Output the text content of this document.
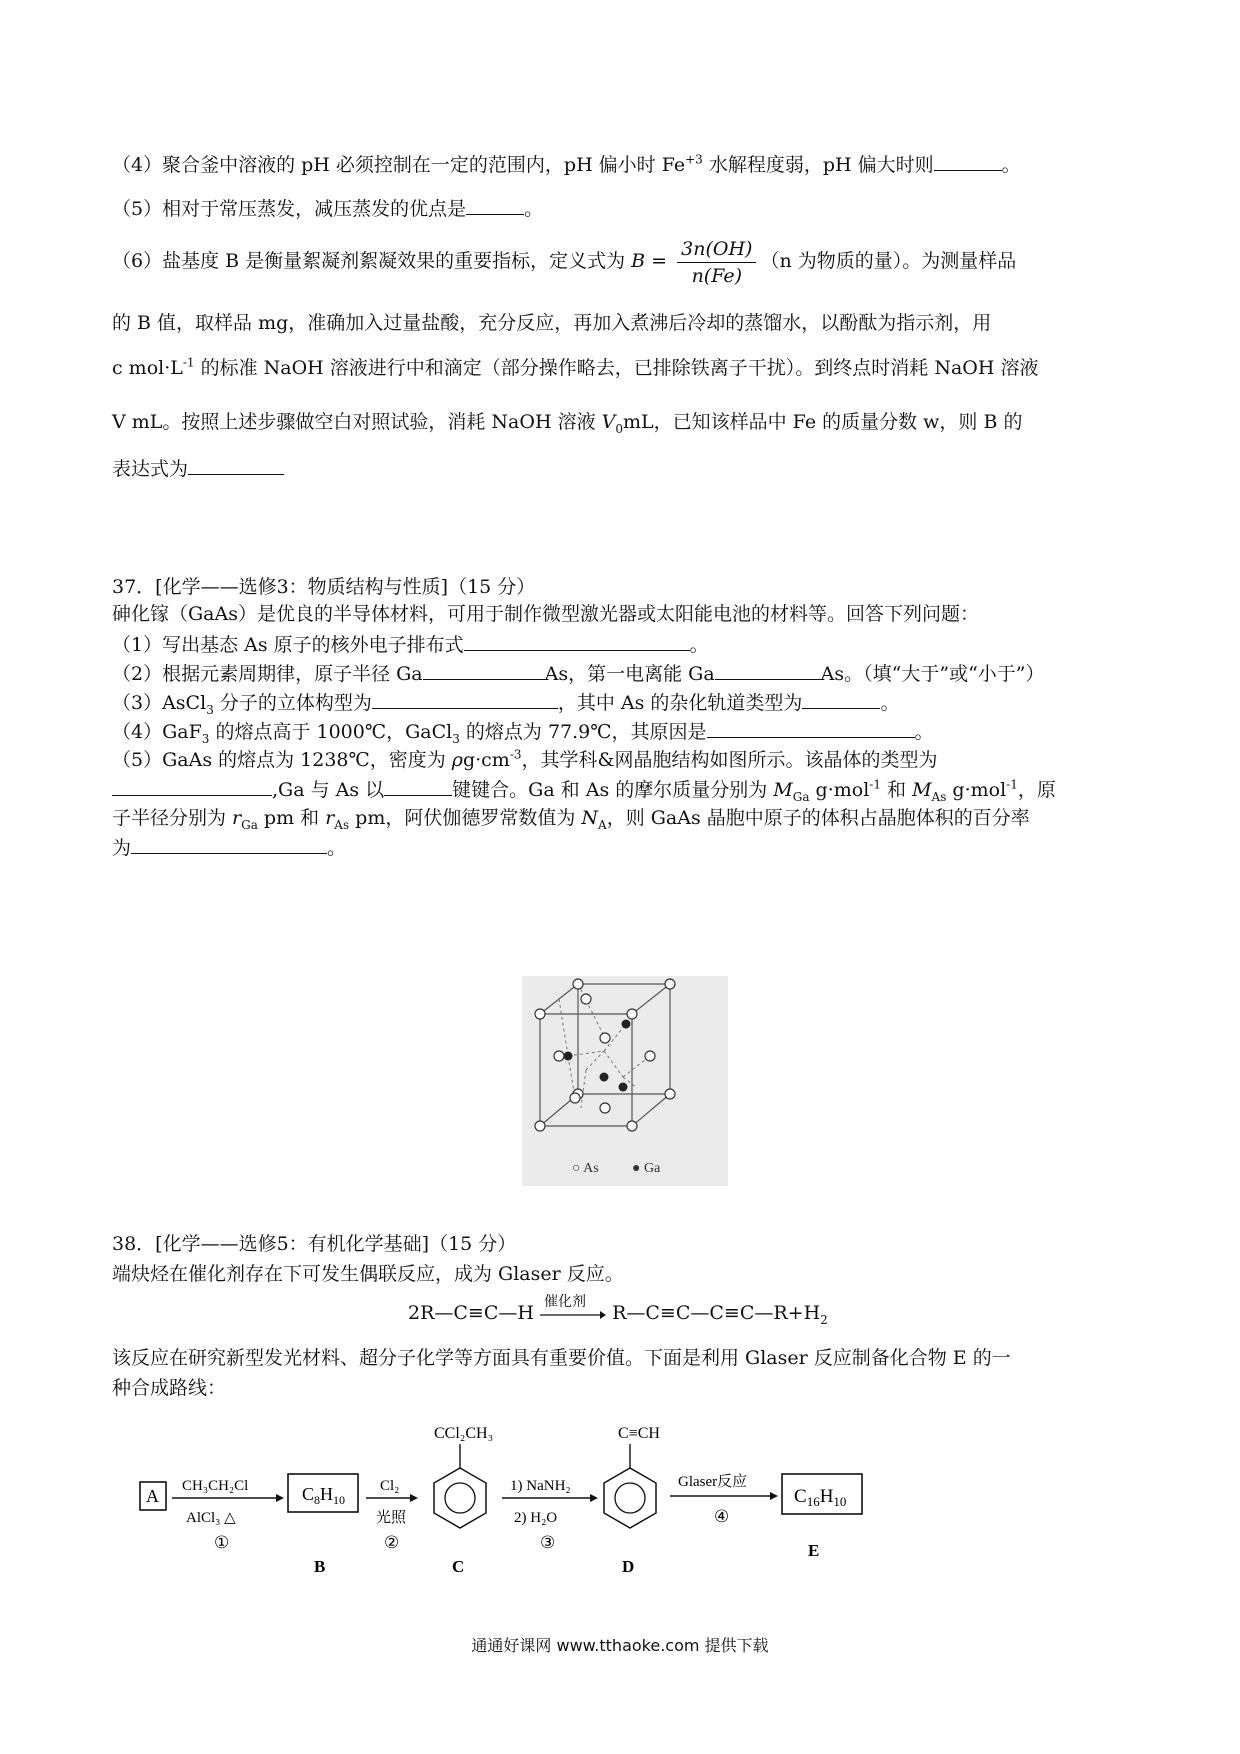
（4）聚合釜中溶液的 pH 必须控制在一定的范围内，pH 偏小时 $Fe^{+3}$ 水解程度弱，pH 偏大时则	。
（5）相对于常压蒸发，减压蒸发的优点是	。
（6）盐基度 B 是衡量絮凝剂絮凝效果的重要指标，定义式为 $B = \frac{3n(OH)}{n(Fe)} (n$ 为物质的量）。为测量样品
的 B 值，取样品 mg，准确加入过量盐酸，充分反应，再加入煮沸后冷却的蒸馏水，以酚酞为指示剂，用
c $mol\cdot L^{-1}$ 的标准 NaOH 溶液进行中和滴定（部分操作略去，已排除铁离子干扰）。到终点时消耗 NaOH 溶液
V mL。按照上述步骤做空白对照试验，消耗 NaOH 溶液 $V_0mL$，已知该样品中 Fe 的质量分数 w，则 B 的
表达式为
37．[化学——选修3：物质结构与性质]（15 分）
砷化镓（GaAs）是优良的半导体材料，可用于制作微型激光器或太阳能电池的材料等。回答下列问题：
（1）写出基态 As 原子的核外电子排布式	。
（2）根据元素周期律，原子半径 Ga	As，第一电离能 Ga	As。（填“大于”或“小于”）
（3）AsCl$_3$ 分子的立体构型为	，其中 As 的杂化轨道类型为	。
（4）GaF$_3$ 的熔点高于 1000℃，GaCl$_3$ 的熔点为 77.9℃，其原因是	。
（5）GaAs 的熔点为 1238℃，密度为 $\rho g\cdot cm^{-3}$，其学科&网晶胞结构如图所示。该晶体的类型为
,Ga 与 As 以	键键合。Ga 和 As 的摩尔质量分别为 $M_{Ga}$ g·mol$^{-1}$ 和 $M_{As}$ g·mol$^{-1}$，原
子半径分别为 $r_{Ga}$ pm 和 $r_{As}$ pm，阿伏伽德罗常数值为 $N_A$，则 GaAs 晶胞中原子的体积占晶胞体积的百分率
为	。
○ As ● Ga
38．[化学——选修5：有机化学基础]（15 分）
端炔烃在催化剂存在下可发生偶联反应，成为 Glaser 反应。
2R—C≡C—H 催化剂 $R—C\equiv C—C\equiv C—R+H_2$
该反应在研究新型发光材料、超分子化学等方面具有重要价值。下面是利用 Glaser 反应制备化合物 E 的一
种合成路线：
A CH₃CH₂Cl
AlCl₃ △
①
$C_8H_{10}$
B
Cl₂
光照
②
CCl₂CH₃
C
1) NaNH₂
2) H₂O
③
C≡CH
D
Glaser反应
④
$C_{16}H_{10}$
E
通通好课网 www.tthaoke.com 提供下载
